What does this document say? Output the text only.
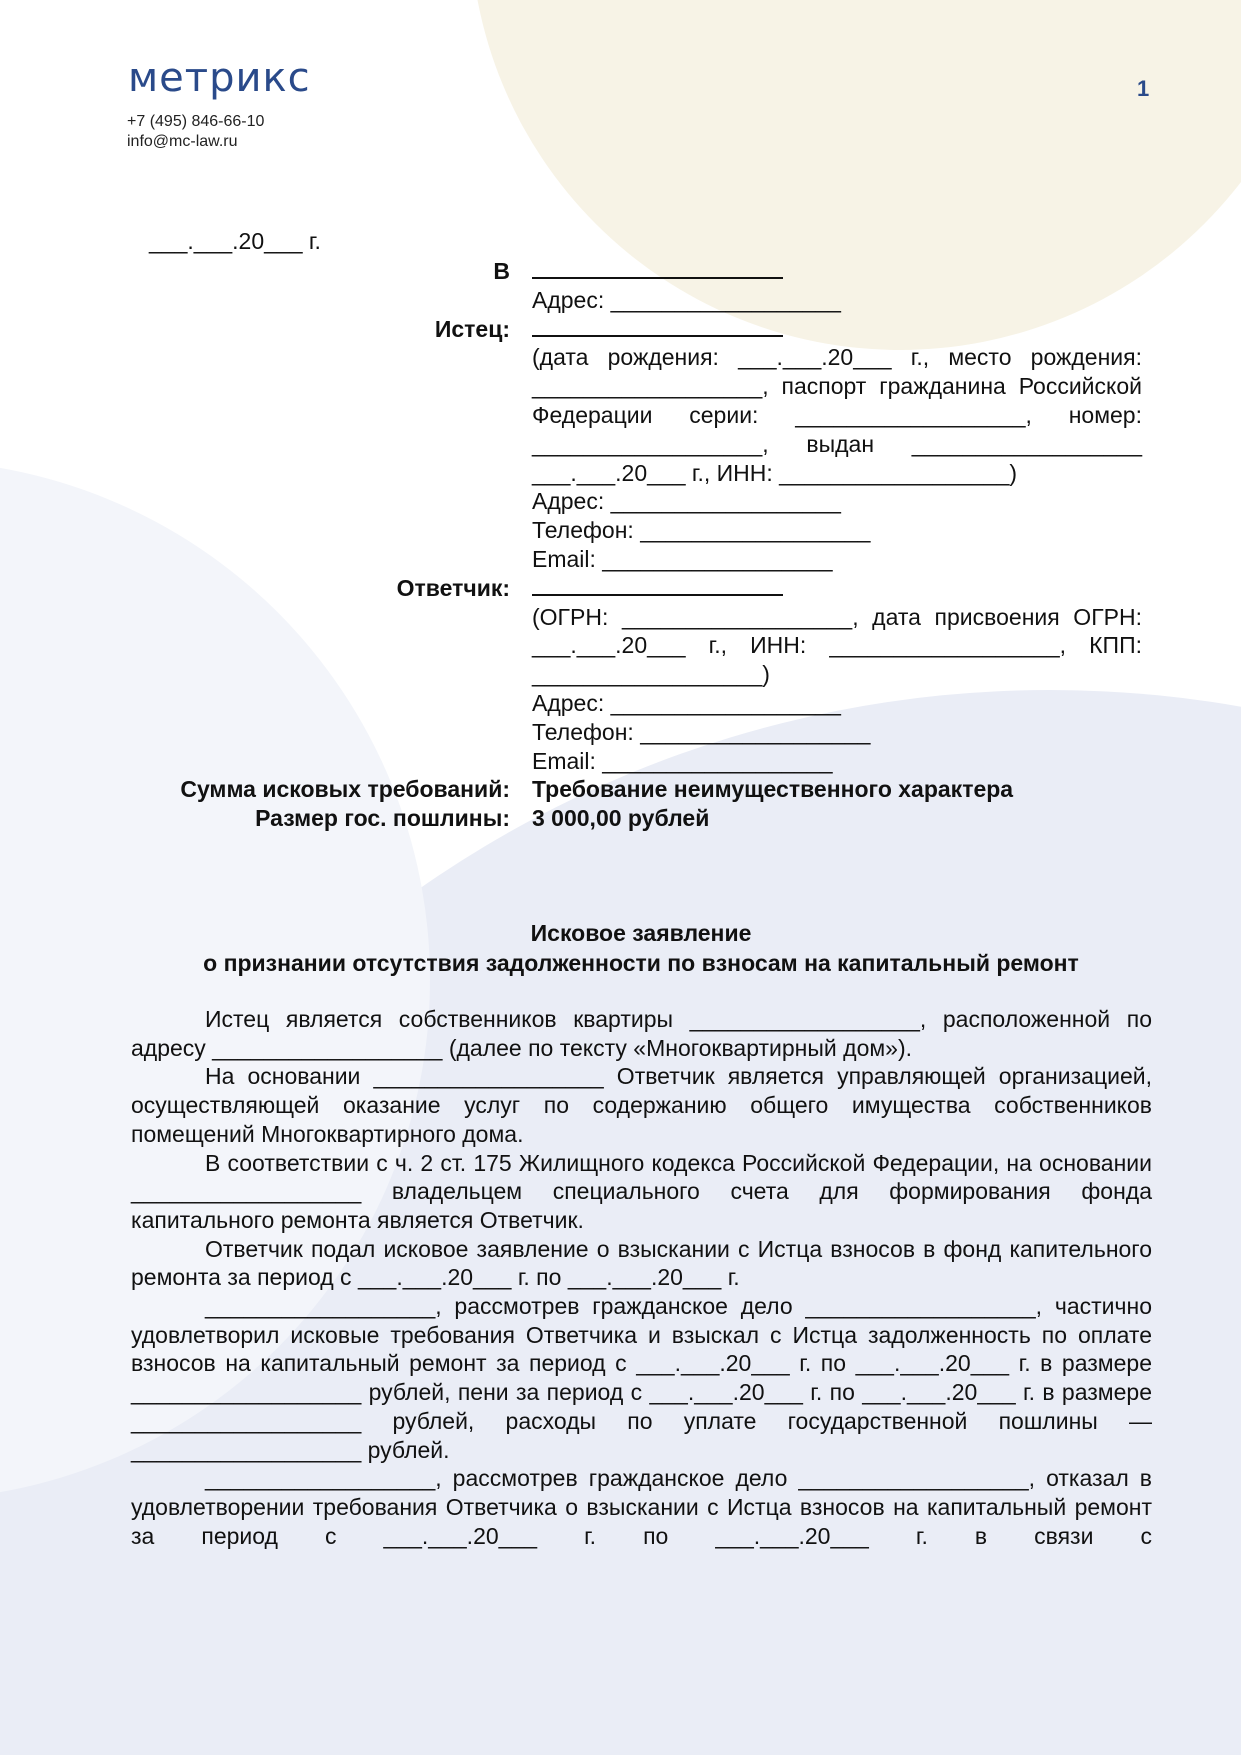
метрикс
+7 (495) 846-66-10
info@mc-law.ru
1
___.___.20___ г.
В
Адрес: __________________
Истец:
(дата рождения: ___.___.20___ г., место рождения: __________________, паспорт гражданина Российской Федерации серии: __________________, номер: __________________, выдан __________________ ___.___.20___ г., ИНН: __________________)
Адрес: __________________
Телефон: __________________
Email: __________________
Ответчик:
(ОГРН: __________________, дата присвоения ОГРН: ___.___.20___ г., ИНН: __________________, КПП: __________________)
Адрес: __________________
Телефон: __________________
Email: __________________
Сумма исковых требований: Требование неимущественного характера
Размер гос. пошлины: 3 000,00 рублей
Исковое заявление
о признании отсутствия задолженности по взносам на капитальный ремонт

Истец является собственников квартиры __________________, расположенной по адресу __________________ (далее по тексту «Многоквартирный дом»).

На основании __________________ Ответчик является управляющей организацией, осуществляющей оказание услуг по содержанию общего имущества собственников помещений Многоквартирного дома.

В соответствии с ч. 2 ст. 175 Жилищного кодекса Российской Федерации, на основании __________________ владельцем специального счета для формирования фонда капитального ремонта является Ответчик.

Ответчик подал исковое заявление о взыскании с Истца взносов в фонд капительного ремонта за период с ___.___.20___ г. по ___.___.20___ г.

__________________, рассмотрев гражданское дело __________________, частично удовлетворил исковые требования Ответчика и взыскал с Истца задолженность по оплате взносов на капитальный ремонт за период с ___.___.20___ г. по ___.___.20___ г. в размере __________________ рублей, пени за период с ___.___.20___ г. по ___.___.20___ г. в размере __________________ рублей, расходы по уплате государственной пошлины — __________________ рублей.

__________________, рассмотрев гражданское дело __________________, отказал в удовлетворении требования Ответчика о взыскании с Истца взносов на капитальный ремонт за период с ___.___.20___ г. по ___.___.20___ г. в связи с
